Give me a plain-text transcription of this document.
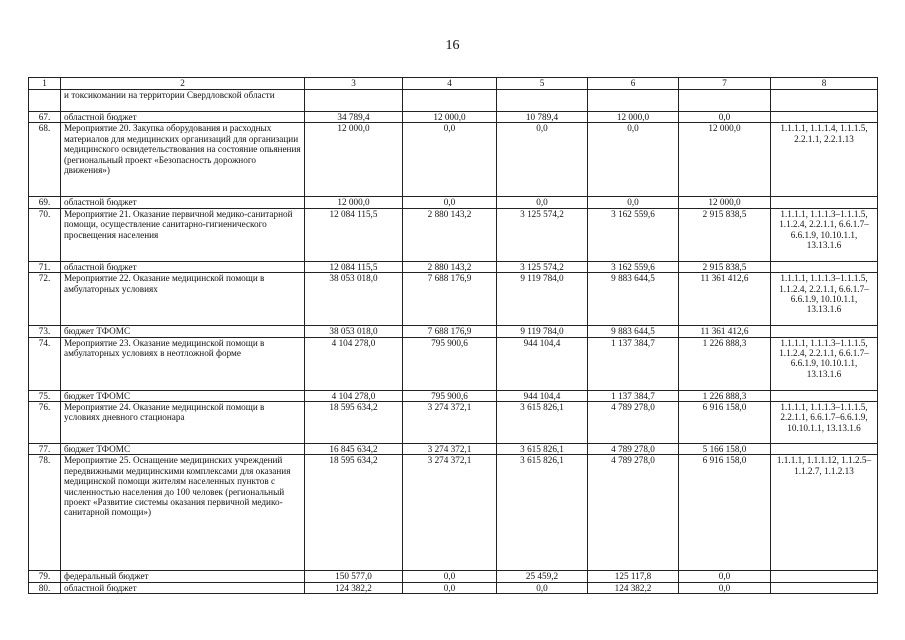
16
1	2	3	4	5	6	7	8
	и токсикомании на территории Свердловской области						
67.	областной бюджет	34 789,4	12 000,0	10 789,4	12 000,0	0,0	
68.	Мероприятие 20. Закупка оборудования и расходных материалов для медицинских организаций для организации медицинского освидетельствования на состояние опьянения (региональный проект «Безопасность дорожного движения»)	12 000,0	0,0	0,0	0,0	12 000,0	1.1.1.1, 1.1.1.4, 1.1.1.5, 2.2.1.1, 2.2.1.13
69.	областной бюджет	12 000,0	0,0	0,0	0,0	12 000,0	
70.	Мероприятие 21. Оказание первичной медико-санитарной помощи, осуществление санитарно-гигиенического просвещения населения	12 084 115,5	2 880 143,2	3 125 574,2	3 162 559,6	2 915 838,5	1.1.1.1, 1.1.1.3–1.1.1.5, 1.1.2.4, 2.2.1.1, 6.6.1.7–6.6.1.9, 10.10.1.1, 13.13.1.6
71.	областной бюджет	12 084 115,5	2 880 143,2	3 125 574,2	3 162 559,6	2 915 838,5	
72.	Мероприятие 22. Оказание медицинской помощи в амбулаторных условиях	38 053 018,0	7 688 176,9	9 119 784,0	9 883 644,5	11 361 412,6	1.1.1.1, 1.1.1.3–1.1.1.5, 1.1.2.4, 2.2.1.1, 6.6.1.7–6.6.1.9, 10.10.1.1, 13.13.1.6
73.	бюджет ТФОМС	38 053 018,0	7 688 176,9	9 119 784,0	9 883 644,5	11 361 412,6	
74.	Мероприятие 23. Оказание медицинской помощи в амбулаторных условиях в неотложной форме	4 104 278,0	795 900,6	944 104,4	1 137 384,7	1 226 888,3	1.1.1.1, 1.1.1.3–1.1.1.5, 1.1.2.4, 2.2.1.1, 6.6.1.7–6.6.1.9, 10.10.1.1, 13.13.1.6
75.	бюджет ТФОМС	4 104 278,0	795 900,6	944 104,4	1 137 384,7	1 226 888,3	
76.	Мероприятие 24. Оказание медицинской помощи в условиях дневного стационара	18 595 634,2	3 274 372,1	3 615 826,1	4 789 278,0	6 916 158,0	1.1.1.1, 1.1.1.3–1.1.1.5, 2.2.1.1, 6.6.1.7–6.6.1.9, 10.10.1.1, 13.13.1.6
77.	бюджет ТФОМС	16 845 634,2	3 274 372,1	3 615 826,1	4 789 278,0	5 166 158,0	
78.	Мероприятие 25. Оснащение медицинских учреждений передвижными медицинскими комплексами для оказания медицинской помощи жителям населенных пунктов с численностью населения до 100 человек (региональный проект «Развитие системы оказания первичной медико-санитарной помощи»)	18 595 634,2	3 274 372,1	3 615 826,1	4 789 278,0	6 916 158,0	1.1.1.1, 1.1.1.12, 1.1.2.5–1.1.2.7, 1.1.2.13
79.	федеральный бюджет	150 577,0	0,0	25 459,2	125 117,8	0,0	
80.	областной бюджет	124 382,2	0,0	0,0	124 382,2	0,0	
